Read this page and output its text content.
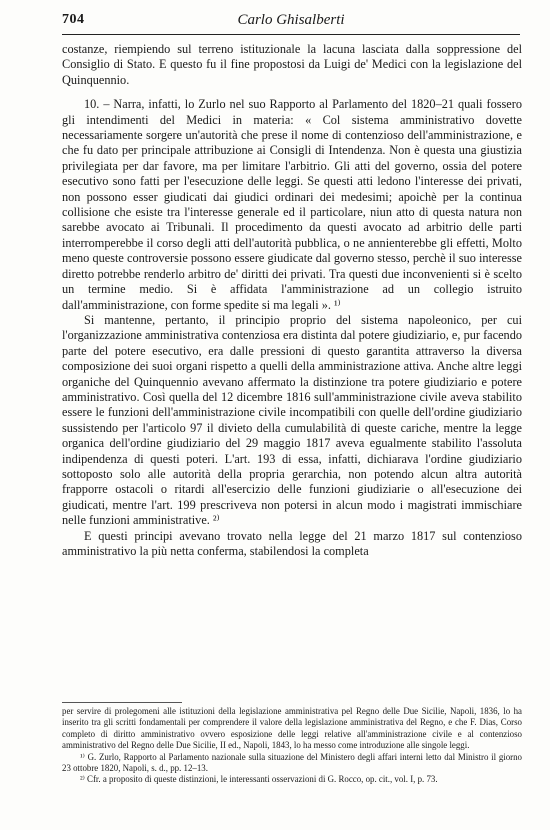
704	Carlo Ghisalberti

costanze, riempiendo sul terreno istituzionale la lacuna lasciata dalla soppressione del Consiglio di Stato. E questo fu il fine propostosi da Luigi de' Medici con la legislazione del Quinquennio.

10. – Narra, infatti, lo Zurlo nel suo Rapporto al Parlamento del 1820–21 quali fossero gli intendimenti del Medici in materia: « Col sistema amministrativo dovette necessariamente sorgere un'autorità che prese il nome di contenzioso dell'amministrazione, e che fu dato per principale attribuzione ai Consigli di Intendenza. Non è questa una giustizia privilegiata per dar favore, ma per limitare l'arbitrio. Gli atti del governo, ossia del potere esecutivo sono fatti per l'esecuzione delle leggi. Se questi atti ledono l'interesse dei privati, non possono esser giudicati dai giudici ordinari dei medesimi; apoichè per la continua collisione che esiste tra l'interesse generale ed il particolare, niun atto di questa natura non sarebbe avocato ai Tribunali. Il procedimento da questi avocato ad arbitrio delle parti interromperebbe il corso degli atti dell'autorità pubblica, o ne annienterebbe gli effetti, Molto meno queste controversie possono essere giudicate dal governo stesso, perchè il suo interesse diretto potrebbe renderlo arbitro de' diritti dei privati. Tra questi due inconvenienti si è scelto un termine medio. Si è affidata l'amministrazione ad un collegio istruito dall'amministrazione, con forme spedite si ma legali ». ¹⁾

Si mantenne, pertanto, il principio proprio del sistema napoleonico, per cui l'organizzazione amministrativa contenziosa era distinta dal potere giudiziario, e, pur facendo parte del potere esecutivo, era dalle pressioni di questo garantita attraverso la diversa composizione dei suoi organi rispetto a quelli della amministrazione attiva. Anche altre leggi organiche del Quinquennio avevano affermato la distinzione tra potere giudiziario e potere amministrativo. Così quella del 12 dicembre 1816 sull'amministrazione civile aveva stabilito essere le funzioni dell'amministrazione civile incompatibili con quelle dell'ordine giudiziario sussistendo per l'articolo 97 il divieto della cumulabilità di queste cariche, mentre la legge organica dell'ordine giudiziario del 29 maggio 1817 aveva egualmente stabilito l'assoluta indipendenza di questi poteri. L'art. 193 di essa, infatti, dichiarava l'ordine giudiziario sottoposto solo alle autorità della propria gerarchia, non potendo alcun altra autorità frapporre ostacoli o ritardi all'esercizio delle funzioni giudiziarie o all'esecuzione dei giudicati, mentre l'art. 199 prescriveva non potersi in alcun modo i magistrati immischiare nelle funzioni amministrative. ²⁾

E questi principi avevano trovato nella legge del 21 marzo 1817 sul contenzioso amministrativo la più netta conferma, stabilendosi la completa

per servire di prolegomeni alle istituzioni della legislazione amministrativa pel Regno delle Due Sicilie, Napoli, 1836, lo ha inserito tra gli scritti fondamentali per comprendere il valore della legislazione amministrativa del Regno, e che F. Dias, Corso completo di diritto amministrativo ovvero esposizione delle leggi relative all'amministrazione civile e al contenzioso amministrativo del Regno delle Due Sicilie, II ed., Napoli, 1843, lo ha messo come introduzione alle singole leggi.

¹⁾ G. Zurlo, Rapporto al Parlamento nazionale sulla situazione del Ministero degli affari interni letto dal Ministro il giorno 23 ottobre 1820, Napoli, s. d., pp. 12–13.

²⁾ Cfr. a proposito di queste distinzioni, le interessanti osservazioni di G. Rocco, op. cit., vol. I, p. 73.
